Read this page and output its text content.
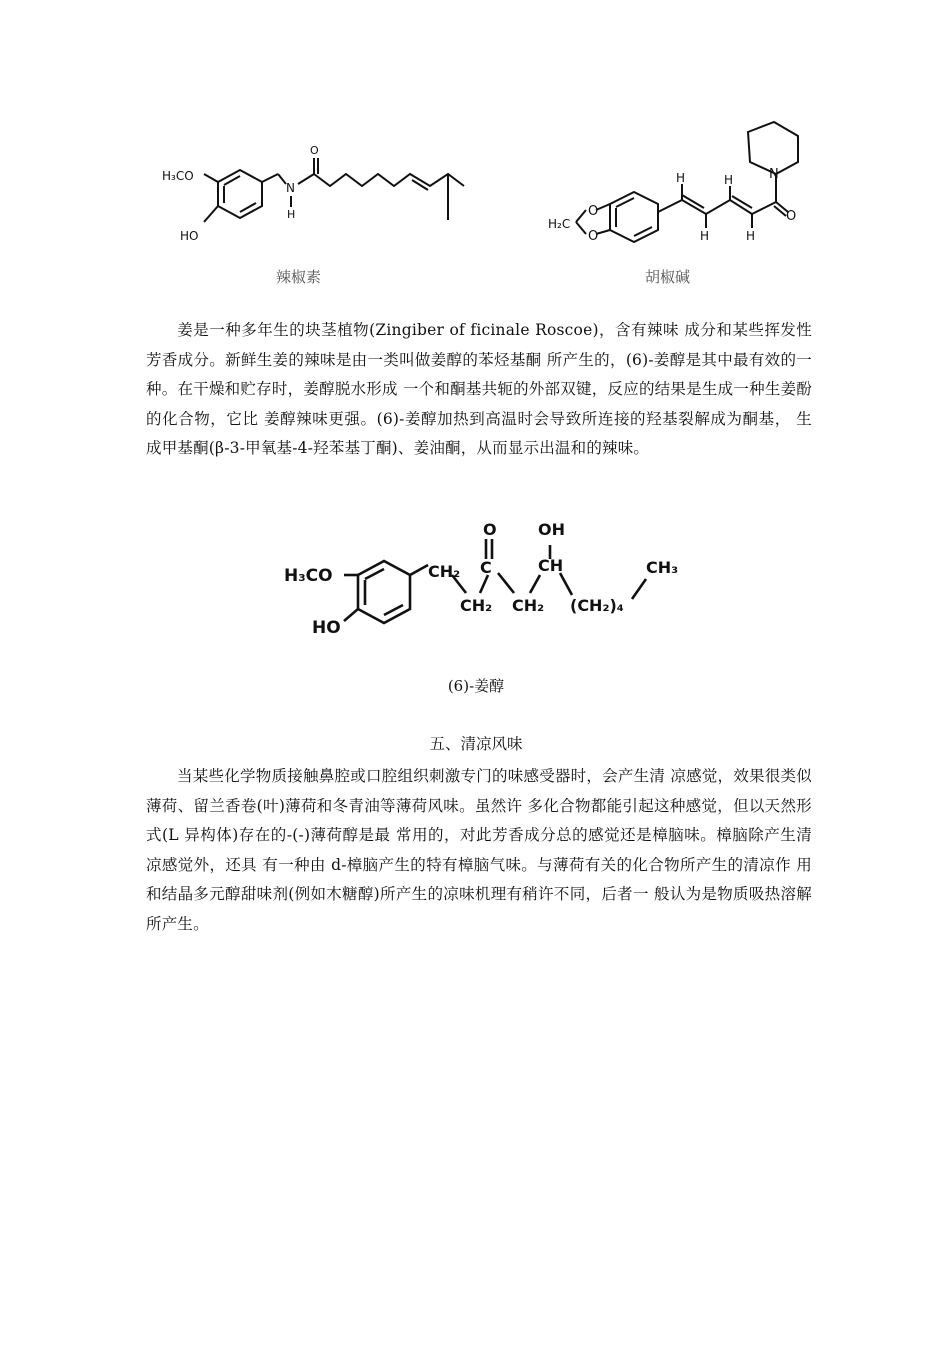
H₃CO
HO
N
H
O
辣椒素
N
O
H	H
H	H
O
O
H₂C
胡椒碱
姜是一种多年生的块茎植物(Zingiber of ficinale Roscoe)，含有辣味 成分和某些挥发性芳香成分。新鲜生姜的辣味是由一类叫做姜醇的苯烃基酮 所产生的，(6)-姜醇是其中最有效的一种。在干燥和贮存时，姜醇脱水形成 一个和酮基共轭的外部双键，反应的结果是生成一种生姜酚的化合物，它比 姜醇辣味更强。(6)-姜醇加热到高温时会导致所连接的羟基裂解成为酮基， 生成甲基酮(β-3-甲氧基-4-羟苯基丁酮)、姜油酮，从而显示出温和的辣味。
H₃CO
HO
CH₂ C
O	OH
CH	CH₃
CH₂ CH₂ (CH₂)₄
(6)-姜醇
五、清凉风味
当某些化学物质接触鼻腔或口腔组织刺激专门的味感受器时，会产生清 凉感觉，效果很类似薄荷、留兰香卷(叶)薄荷和冬青油等薄荷风味。虽然许 多化合物都能引起这种感觉，但以天然形式(L 异构体)存在的-(-)薄荷醇是最 常用的，对此芳香成分总的感觉还是樟脑味。樟脑除产生清凉感觉外，还具 有一种由 d-樟脑产生的特有樟脑气味。与薄荷有关的化合物所产生的清凉作 用和结晶多元醇甜味剂(例如木糖醇)所产生的凉味机理有稍许不同，后者一 般认为是物质吸热溶解所产生。
